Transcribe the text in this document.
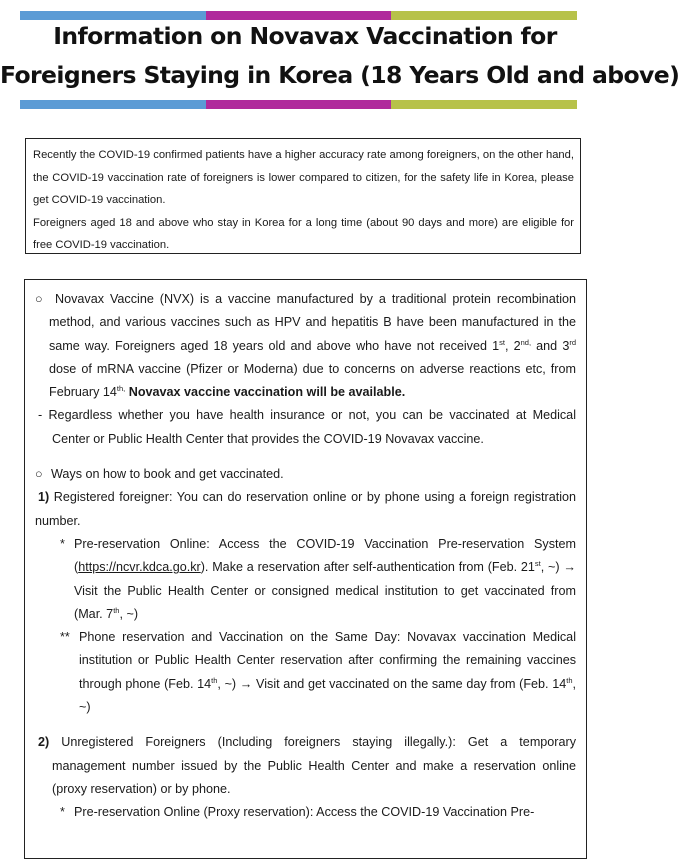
Information on Novavax Vaccination for
Foreigners Staying in Korea (18 Years Old and above)

Recently the COVID-19 confirmed patients have a higher accuracy rate among foreigners, on the other hand, the COVID-19 vaccination rate of foreigners is lower compared to citizen, for the safety life in Korea, please get COVID-19 vaccination.

Foreigners aged 18 and above who stay in Korea for a long time (about 90 days and more) are eligible for free COVID-19 vaccination.

○ Novavax Vaccine (NVX) is a vaccine manufactured by a traditional protein recombination method, and various vaccines such as HPV and hepatitis B have been manufactured in the same way. Foreigners aged 18 years old and above who have not received 1st, $2^{nd,}$ and 3rd dose of mRNA vaccine (Pfizer or Moderna) due to concerns on adverse reactions etc, from February $14^{th,}$ Novavax vaccine vaccination will be available.

- Regardless whether you have health insurance or not, you can be vaccinated at Medical Center or Public Health Center that provides the COVID-19 Novavax vaccine.

○ Ways on how to book and get vaccinated.

1) Registered foreigner: You can do reservation online or by phone using a foreign registration number.

* Pre-reservation Online: Access the COVID-19 Vaccination Pre-reservation System (https://ncvr.kdca.go.kr). Make a reservation after self-authentication from (Feb. 21st, ~) → Visit the Public Health Center or consigned medical institution to get vaccinated from (Mar. 7th, ~)

** Phone reservation and Vaccination on the Same Day: Novavax vaccination Medical institution or Public Health Center reservation after confirming the remaining vaccines through phone (Feb. 14th, ~) → Visit and get vaccinated on the same day from (Feb. 14th, ~)

2) Unregistered Foreigners (Including foreigners staying illegally.): Get a temporary management number issued by the Public Health Center and make a reservation online (proxy reservation) or by phone.

* Pre-reservation Online (Proxy reservation): Access the COVID-19 Vaccination Pre-
